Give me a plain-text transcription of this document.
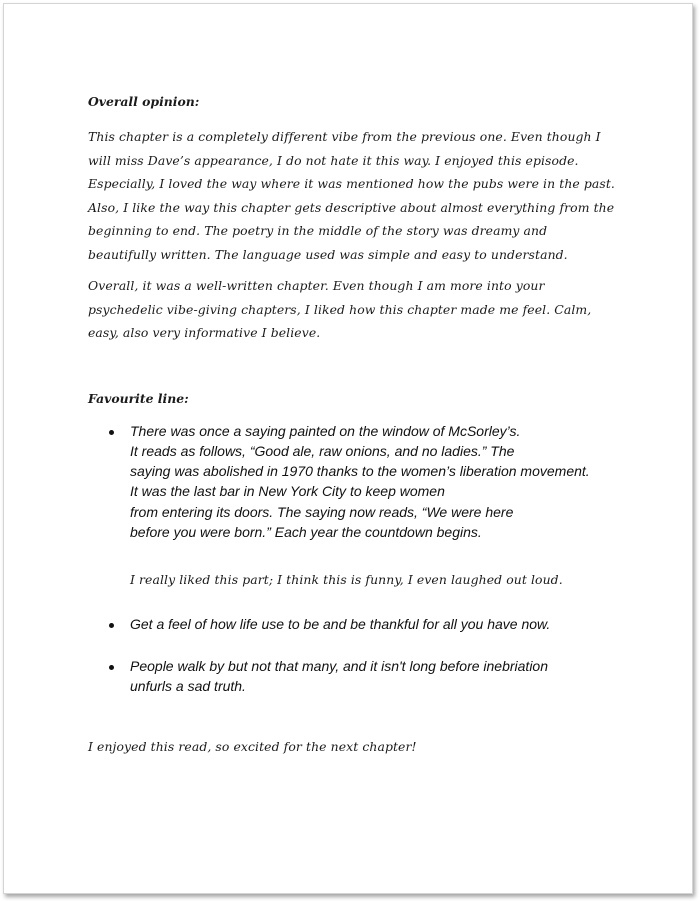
Overall opinion:

This chapter is a completely different vibe from the previous one. Even though I

will miss Dave’s appearance, I do not hate it this way. I enjoyed this episode.

Especially, I loved the way where it was mentioned how the pubs were in the past.

Also, I like the way this chapter gets descriptive about almost everything from the

beginning to end. The poetry in the middle of the story was dreamy and

beautifully written. The language used was simple and easy to understand.

Overall, it was a well-written chapter. Even though I am more into your

psychedelic vibe-giving chapters, I liked how this chapter made me feel. Calm,

easy, also very informative I believe.

Favourite line:

There was once a saying painted on the window of McSorley’s.

It reads as follows, “Good ale, raw onions, and no ladies.” The

saying was abolished in 1970 thanks to the women’s liberation movement.

It was the last bar in New York City to keep women

from entering its doors. The saying now reads, “We were here

before you were born.” Each year the countdown begins.

I really liked this part; I think this is funny, I even laughed out loud.

Get a feel of how life use to be and be thankful for all you have now.

People walk by but not that many, and it isn't long before inebriation

unfurls a sad truth.

I enjoyed this read, so excited for the next chapter!
